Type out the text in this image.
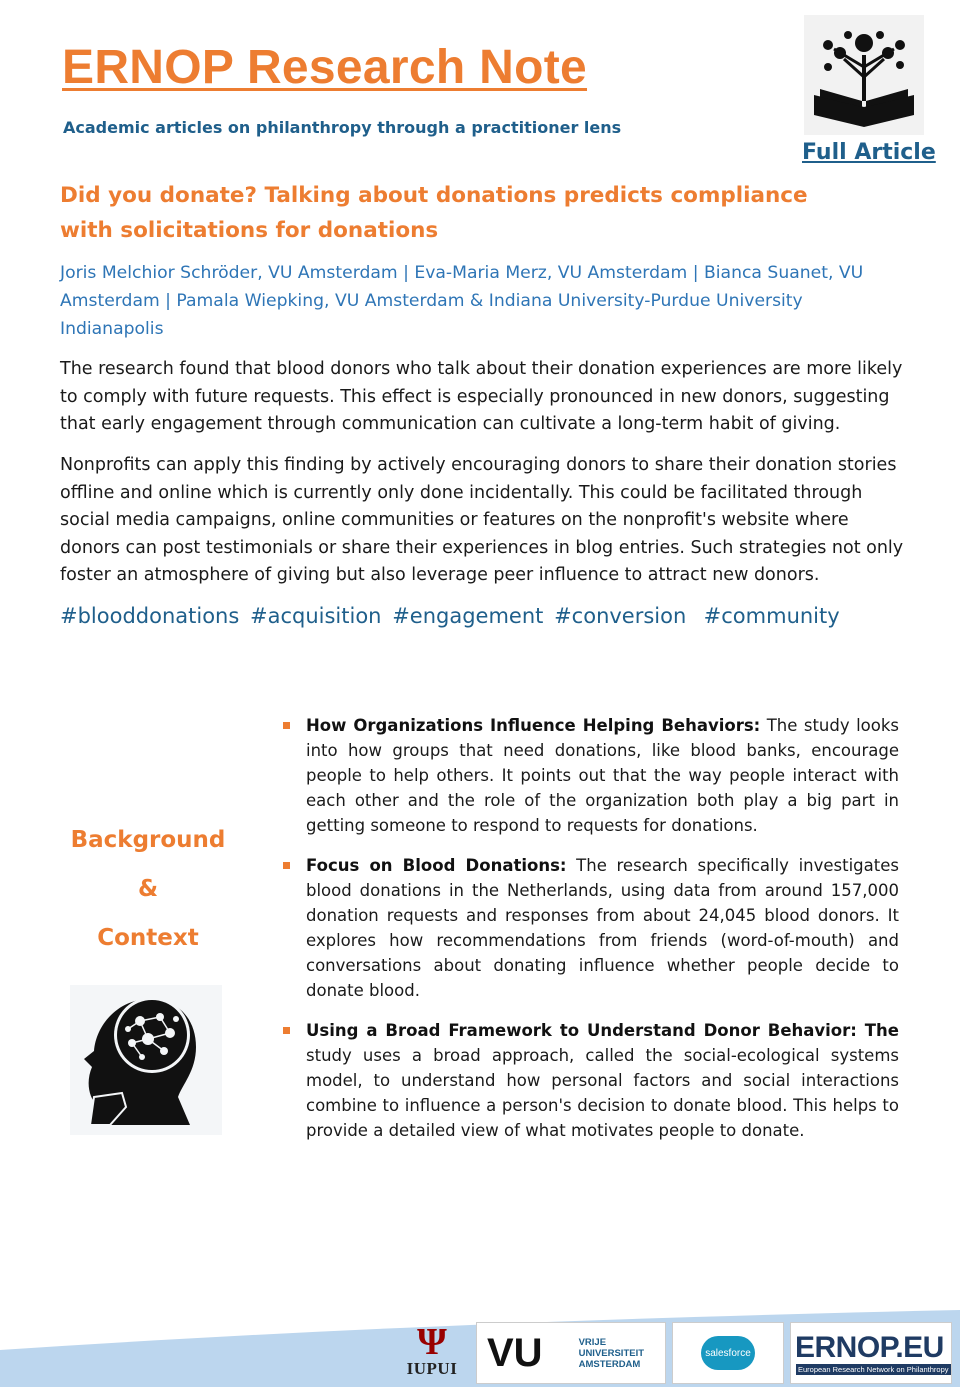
ERNOP Research Note
Academic articles on philanthropy through a practitioner lens
Full Article
Did you donate? Talking about donations predicts compliance with solicitations for donations
Joris Melchior Schröder, VU Amsterdam | Eva-Maria Merz, VU Amsterdam | Bianca Suanet, VU Amsterdam | Pamala Wiepking, VU Amsterdam & Indiana University-Purdue University Indianapolis

The research found that blood donors who talk about their donation experiences are more likely to comply with future requests. This effect is especially pronounced in new donors, suggesting that early engagement through communication can cultivate a long-term habit of giving.

Nonprofits can apply this finding by actively encouraging donors to share their donation stories offline and online which is currently only done incidentally. This could be facilitated through social media campaigns, online communities or features on the nonprofit's website where donors can post testimonials or share their experiences in blog entries. Such strategies not only foster an atmosphere of giving but also leverage peer influence to attract new donors.

#blooddonations #acquisition #engagement #conversion  #community
Background
&
Context
How Organizations Influence Helping Behaviors: The study looks into how groups that need donations, like blood banks, encourage people to help others. It points out that the way people interact with each other and the role of the organization both play a big part in getting someone to respond to requests for donations.
Focus on Blood Donations: The research specifically investigates blood donations in the Netherlands, using data from around 157,000 donation requests and responses from about 24,045 blood donors. It explores how recommendations from friends (word-of-mouth) and conversations about donating influence whether people decide to donate blood.
Using a Broad Framework to Understand Donor Behavior: The study uses a broad approach, called the social-ecological systems model, to understand how personal factors and social interactions combine to influence a person's decision to donate blood. This helps to provide a detailed view of what motivates people to donate.
Ψ
IUPUI VU	VRIJE
UNIVERSITEIT
AMSTERDAM
salesforce ERNOP.EU
European Research Network on Philanthropy
